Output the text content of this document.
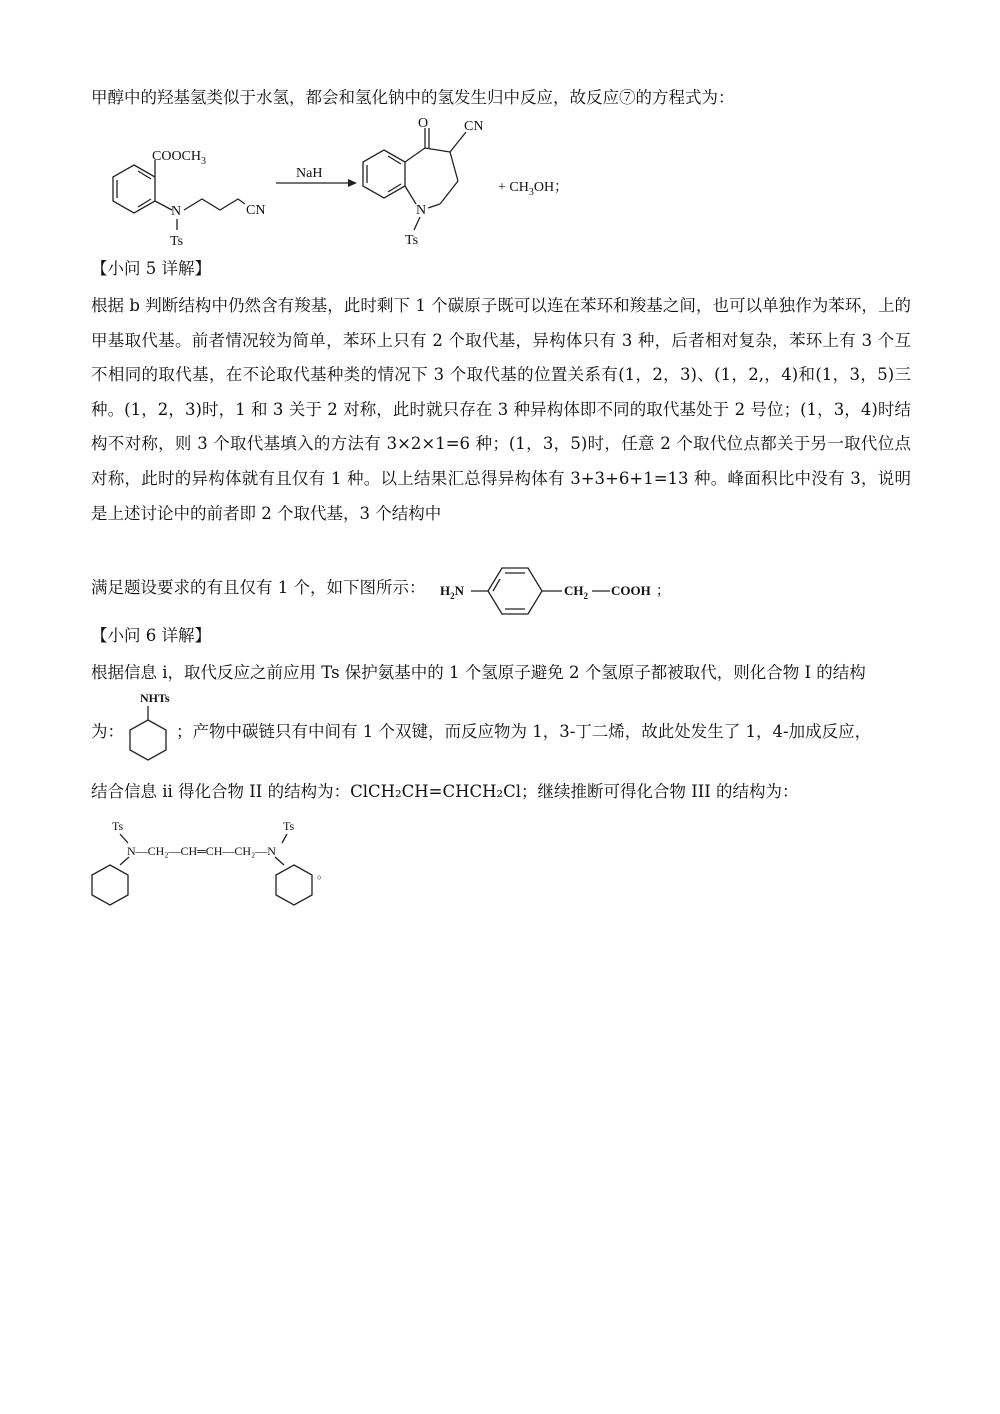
甲醇中的羟基氢类似于水氢，都会和氢化钠中的氢发生归中反应，故反应⑦的方程式为：
$COOCH_3$
N
Ts
CN
NaH
O	CN
N
Ts
+ $CH_3OH$；
【小问 5 详解】
根据 b 判断结构中仍然含有羧基，此时剩下 1 个碳原子既可以连在苯环和羧基之间，也可以单独作为苯环，上的甲基取代基。前者情况较为简单，苯环上只有 2 个取代基，异构体只有 3 种，后者相对复杂，苯环上有 3 个互不相同的取代基，在不论取代基种类的情况下 3 个取代基的位置关系有(1，2，3)、(1，2,，4)和(1，3，5)三种。(1，2，3)时，1 和 3 关于 2 对称，此时就只存在 3 种异构体即不同的取代基处于 2 号位；(1，3，4)时结构不对称，则 3 个取代基填入的方法有 3×2×1=6 种；(1，3，5)时，任意 2 个取代位点都关于另一取代位点对称，此时的异构体就有且仅有 1 种。以上结果汇总得异构体有 3+3+6+1=13 种。峰面积比中没有 3，说明是上述讨论中的前者即 2 个取代基，3 个结构中
满足题设要求的有且仅有 1 个，如下图所示： $H_2N$	$CH_2$ COOH ；
【小问 6 详解】
根据信息 i，取代反应之前应用 Ts 保护氨基中的 1 个氢原子避免 2 个氢原子都被取代，则化合物 I 的结构
为：
NHTs
；产物中碳链只有中间有 1 个双键，而反应物为 1，3-丁二烯，故此处发生了 1，4-加成反应，
结合信息 ii 得化合物 II 的结构为：ClCH₂CH=CHCH₂Cl；继续推断可得化合物 III 的结构为：
Ts
N—CH₂—CH═CH—CH₂—N
Ts
。
